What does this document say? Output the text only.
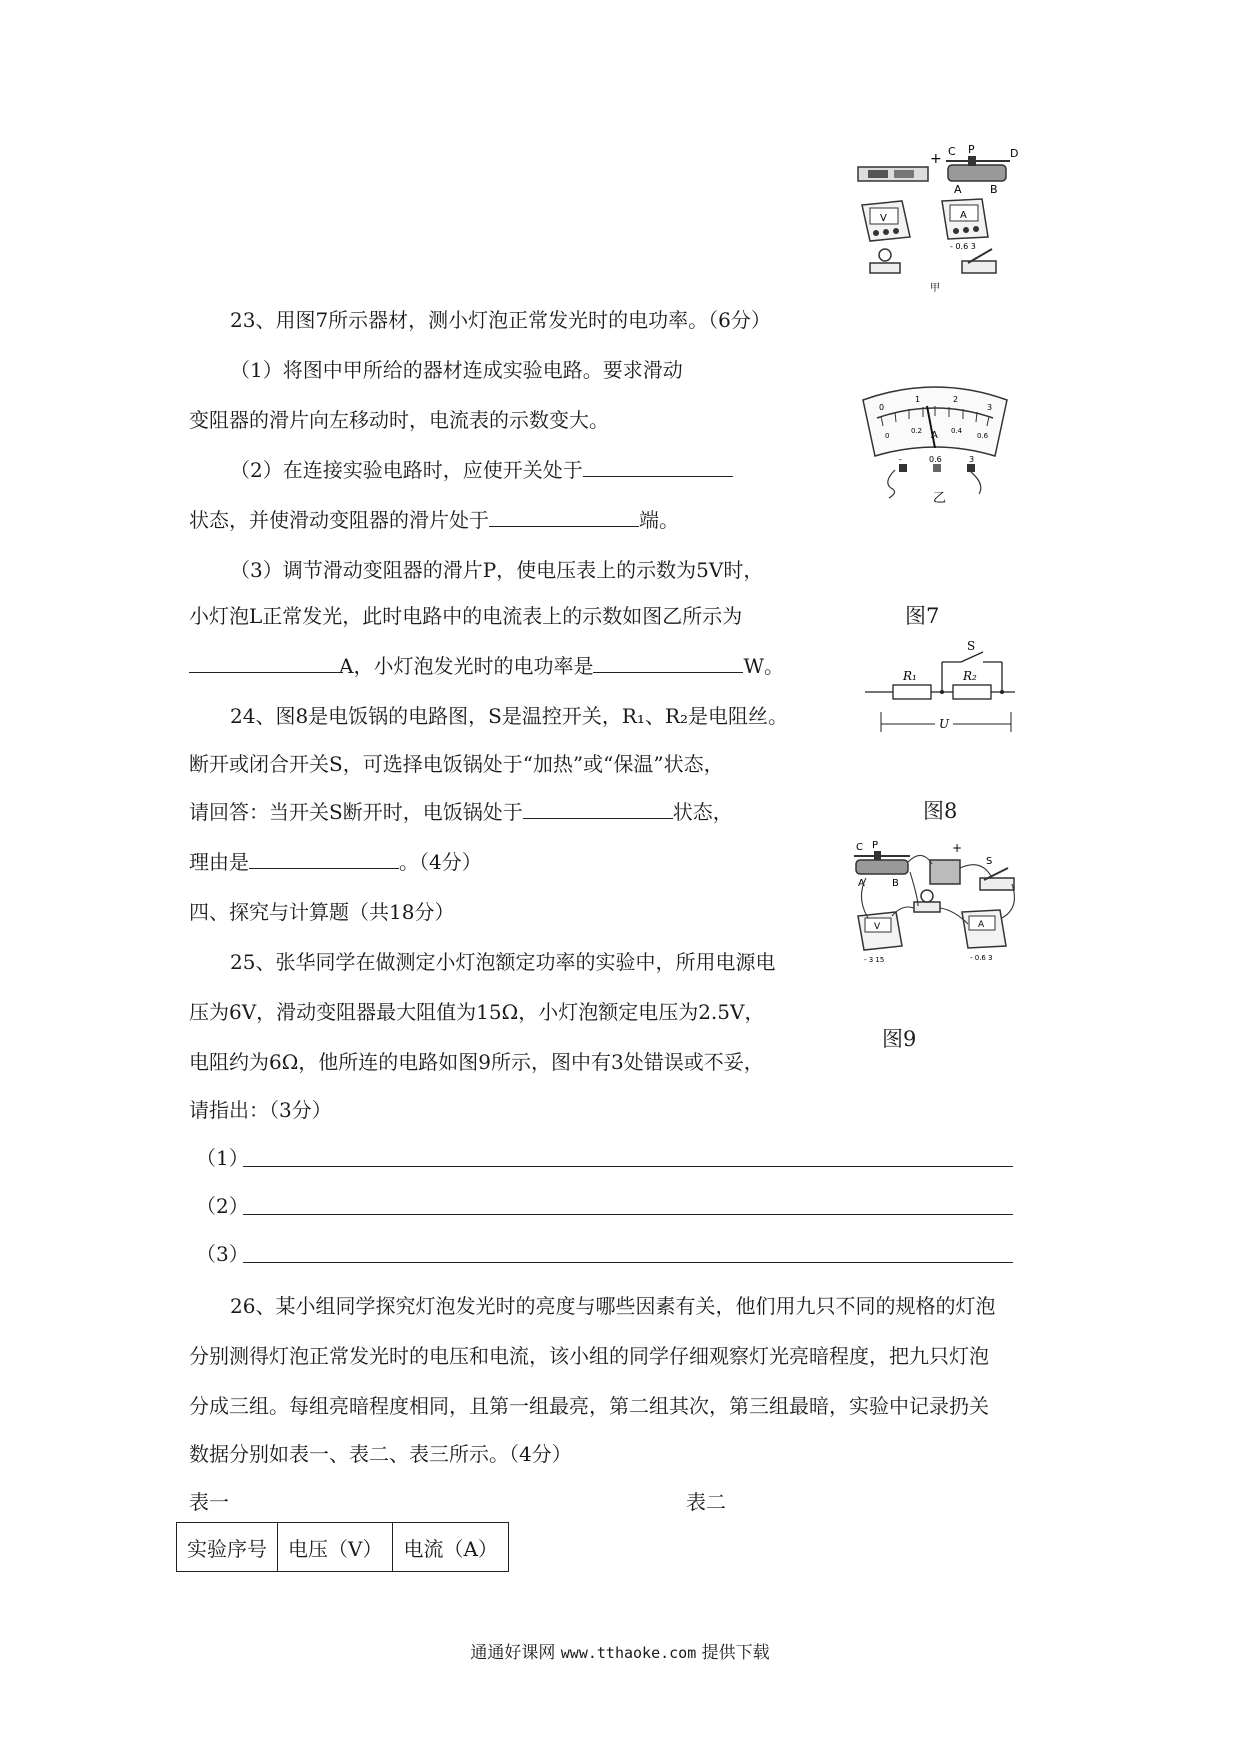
+ C P	D
A	B
V	A
- 0.6 3
甲
0
1	2
3
0
0.2	0.4
0.6
A
-	0.6	3
乙
图7
S
R₁	R₂
U
图8
C P
A	B
+
S
V
- 3 15
A
- 0.6 3
图9
23、用图7所示器材，测小灯泡正常发光时的电功率。（6分）
（1）将图中甲所给的器材连成实验电路。要求滑动
变阻器的滑片向左移动时，电流表的示数变大。
（2）在连接实验电路时，应使开关处于
状态，并使滑动变阻器的滑片处于	端。
（3）调节滑动变阻器的滑片P，使电压表上的示数为5V时，
小灯泡L正常发光，此时电路中的电流表上的示数如图乙所示为
A，小灯泡发光时的电功率是	W。
24、图8是电饭锅的电路图，S是温控开关，R₁、R₂是电阻丝。
断开或闭合开关S，可选择电饭锅处于“加热”或“保温”状态，
请回答：当开关S断开时，电饭锅处于	状态，
理由是	。（4分）
四、探究与计算题（共18分）
25、张华同学在做测定小灯泡额定功率的实验中，所用电源电
压为6V，滑动变阻器最大阻值为15Ω，小灯泡额定电压为2.5V，
电阻约为6Ω，他所连的电路如图9所示，图中有3处错误或不妥，
请指出：（3分）
（1）
（2）
（3）
26、某小组同学探究灯泡发光时的亮度与哪些因素有关，他们用九只不同的规格的灯泡
分别测得灯泡正常发光时的电压和电流，该小组的同学仔细观察灯光亮暗程度，把九只灯泡
分成三组。每组亮暗程度相同，且第一组最亮，第二组其次，第三组最暗，实验中记录扔关
数据分别如表一、表二、表三所示。（4分）
表一	表二
实验序号	电压（V）	电流（A）
通通好课网 www.tthaoke.com 提供下载
